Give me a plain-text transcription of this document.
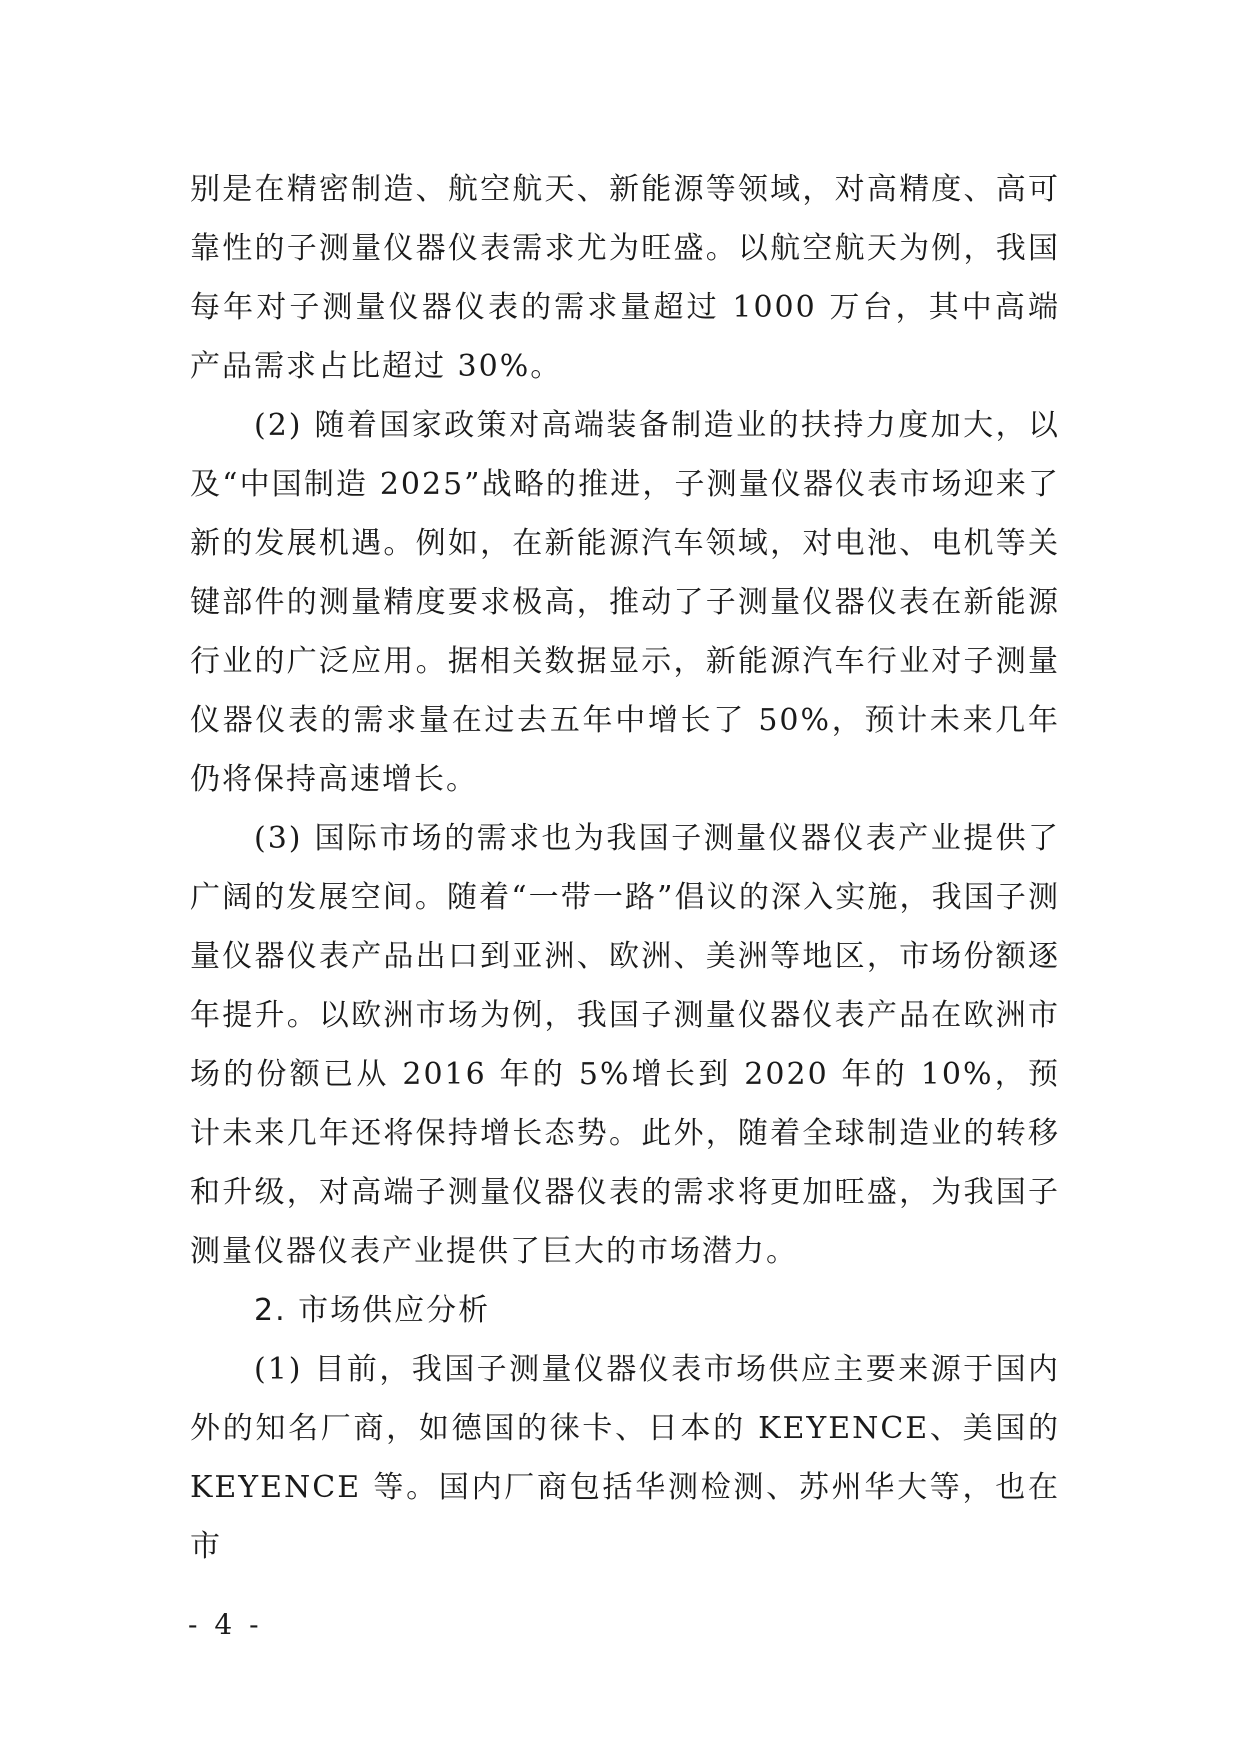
别是在精密制造、航空航天、新能源等领域，对高精度、高可靠性的子测量仪器仪表需求尤为旺盛。以航空航天为例，我国每年对子测量仪器仪表的需求量超过 1000 万台，其中高端产品需求占比超过 30%。

(2) 随着国家政策对高端装备制造业的扶持力度加大，以及“中国制造 2025”战略的推进，子测量仪器仪表市场迎来了新的发展机遇。例如，在新能源汽车领域，对电池、电机等关键部件的测量精度要求极高，推动了子测量仪器仪表在新能源行业的广泛应用。据相关数据显示，新能源汽车行业对子测量仪器仪表的需求量在过去五年中增长了 50%，预计未来几年仍将保持高速增长。

(3) 国际市场的需求也为我国子测量仪器仪表产业提供了广阔的发展空间。随着“一带一路”倡议的深入实施，我国子测量仪器仪表产品出口到亚洲、欧洲、美洲等地区，市场份额逐年提升。以欧洲市场为例，我国子测量仪器仪表产品在欧洲市场的份额已从 2016 年的 5%增长到 2020 年的 10%，预计未来几年还将保持增长态势。此外，随着全球制造业的转移和升级，对高端子测量仪器仪表的需求将更加旺盛，为我国子测量仪器仪表产业提供了巨大的市场潜力。

2. 市场供应分析

(1) 目前，我国子测量仪器仪表市场供应主要来源于国内外的知名厂商，如德国的徕卡、日本的 KEYENCE、美国的 KEYENCE 等。国内厂商包括华测检测、苏州华大等，也在市

- 4 -
